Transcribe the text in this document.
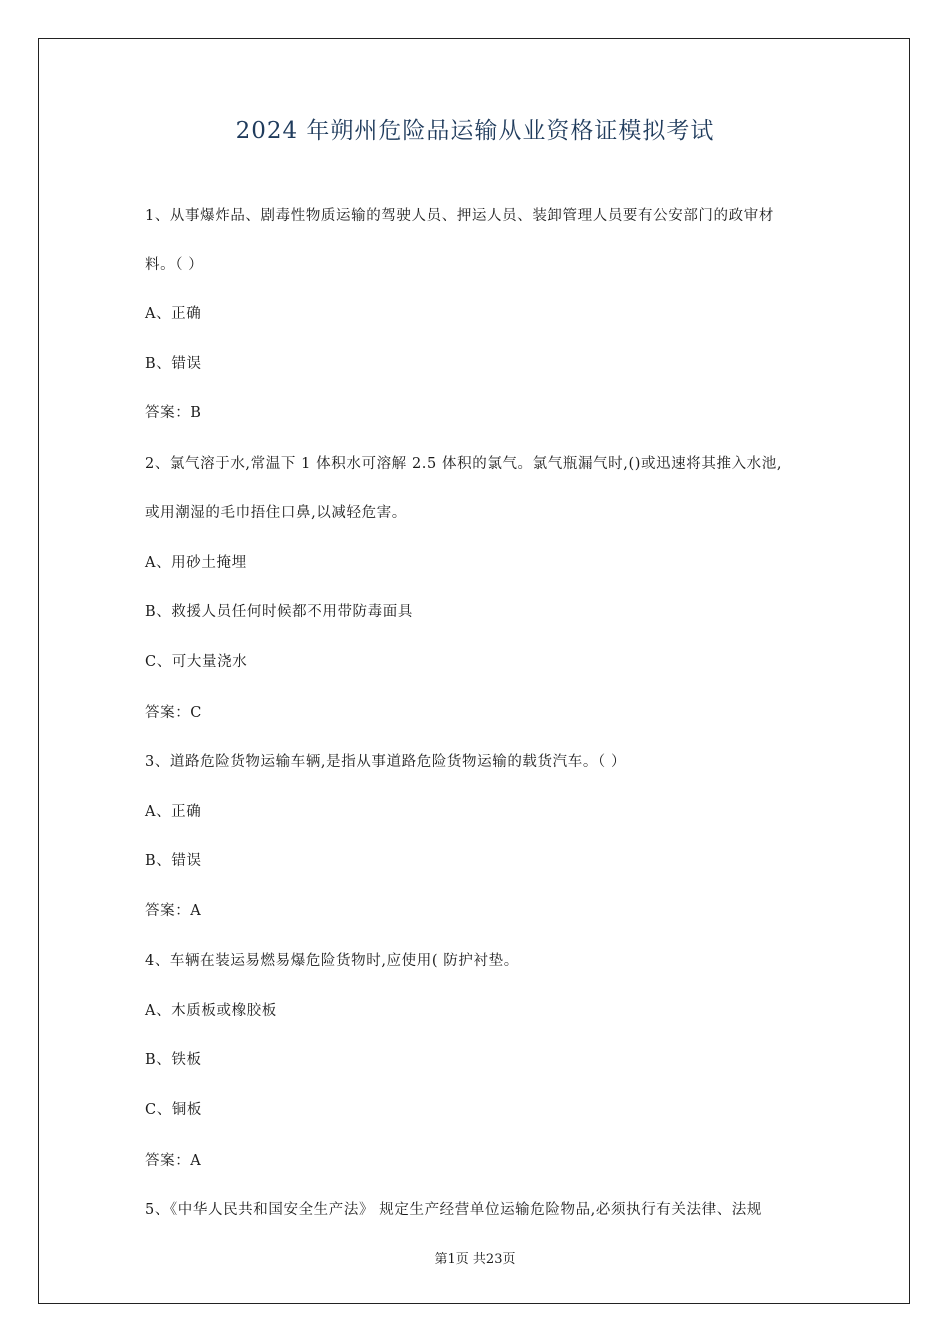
2024 年朔州危险品运输从业资格证模拟考试
1、从事爆炸品、剧毒性物质运输的驾驶人员、押运人员、装卸管理人员要有公安部门的政审材
料。（ ）
A、正确
B、错误
答案：B
2、氯气溶于水,常温下 1 体积水可溶解 2.5 体积的氯气。氯气瓶漏气时,()或迅速将其推入水池,
或用潮湿的毛巾捂住口鼻,以减轻危害。
A、用砂土掩埋
B、救援人员任何时候都不用带防毒面具
C、可大量浇水
答案：C
3、道路危险货物运输车辆,是指从事道路危险货物运输的载货汽车。（ ）
A、正确
B、错误
答案：A
4、车辆在装运易燃易爆危险货物时,应使用( 防护衬垫。
A、木质板或橡胶板
B、铁板
C、铜板
答案：A
5、《中华人民共和国安全生产法》 规定生产经营单位运输危险物品,必须执行有关法律、法规
第1页 共23页
